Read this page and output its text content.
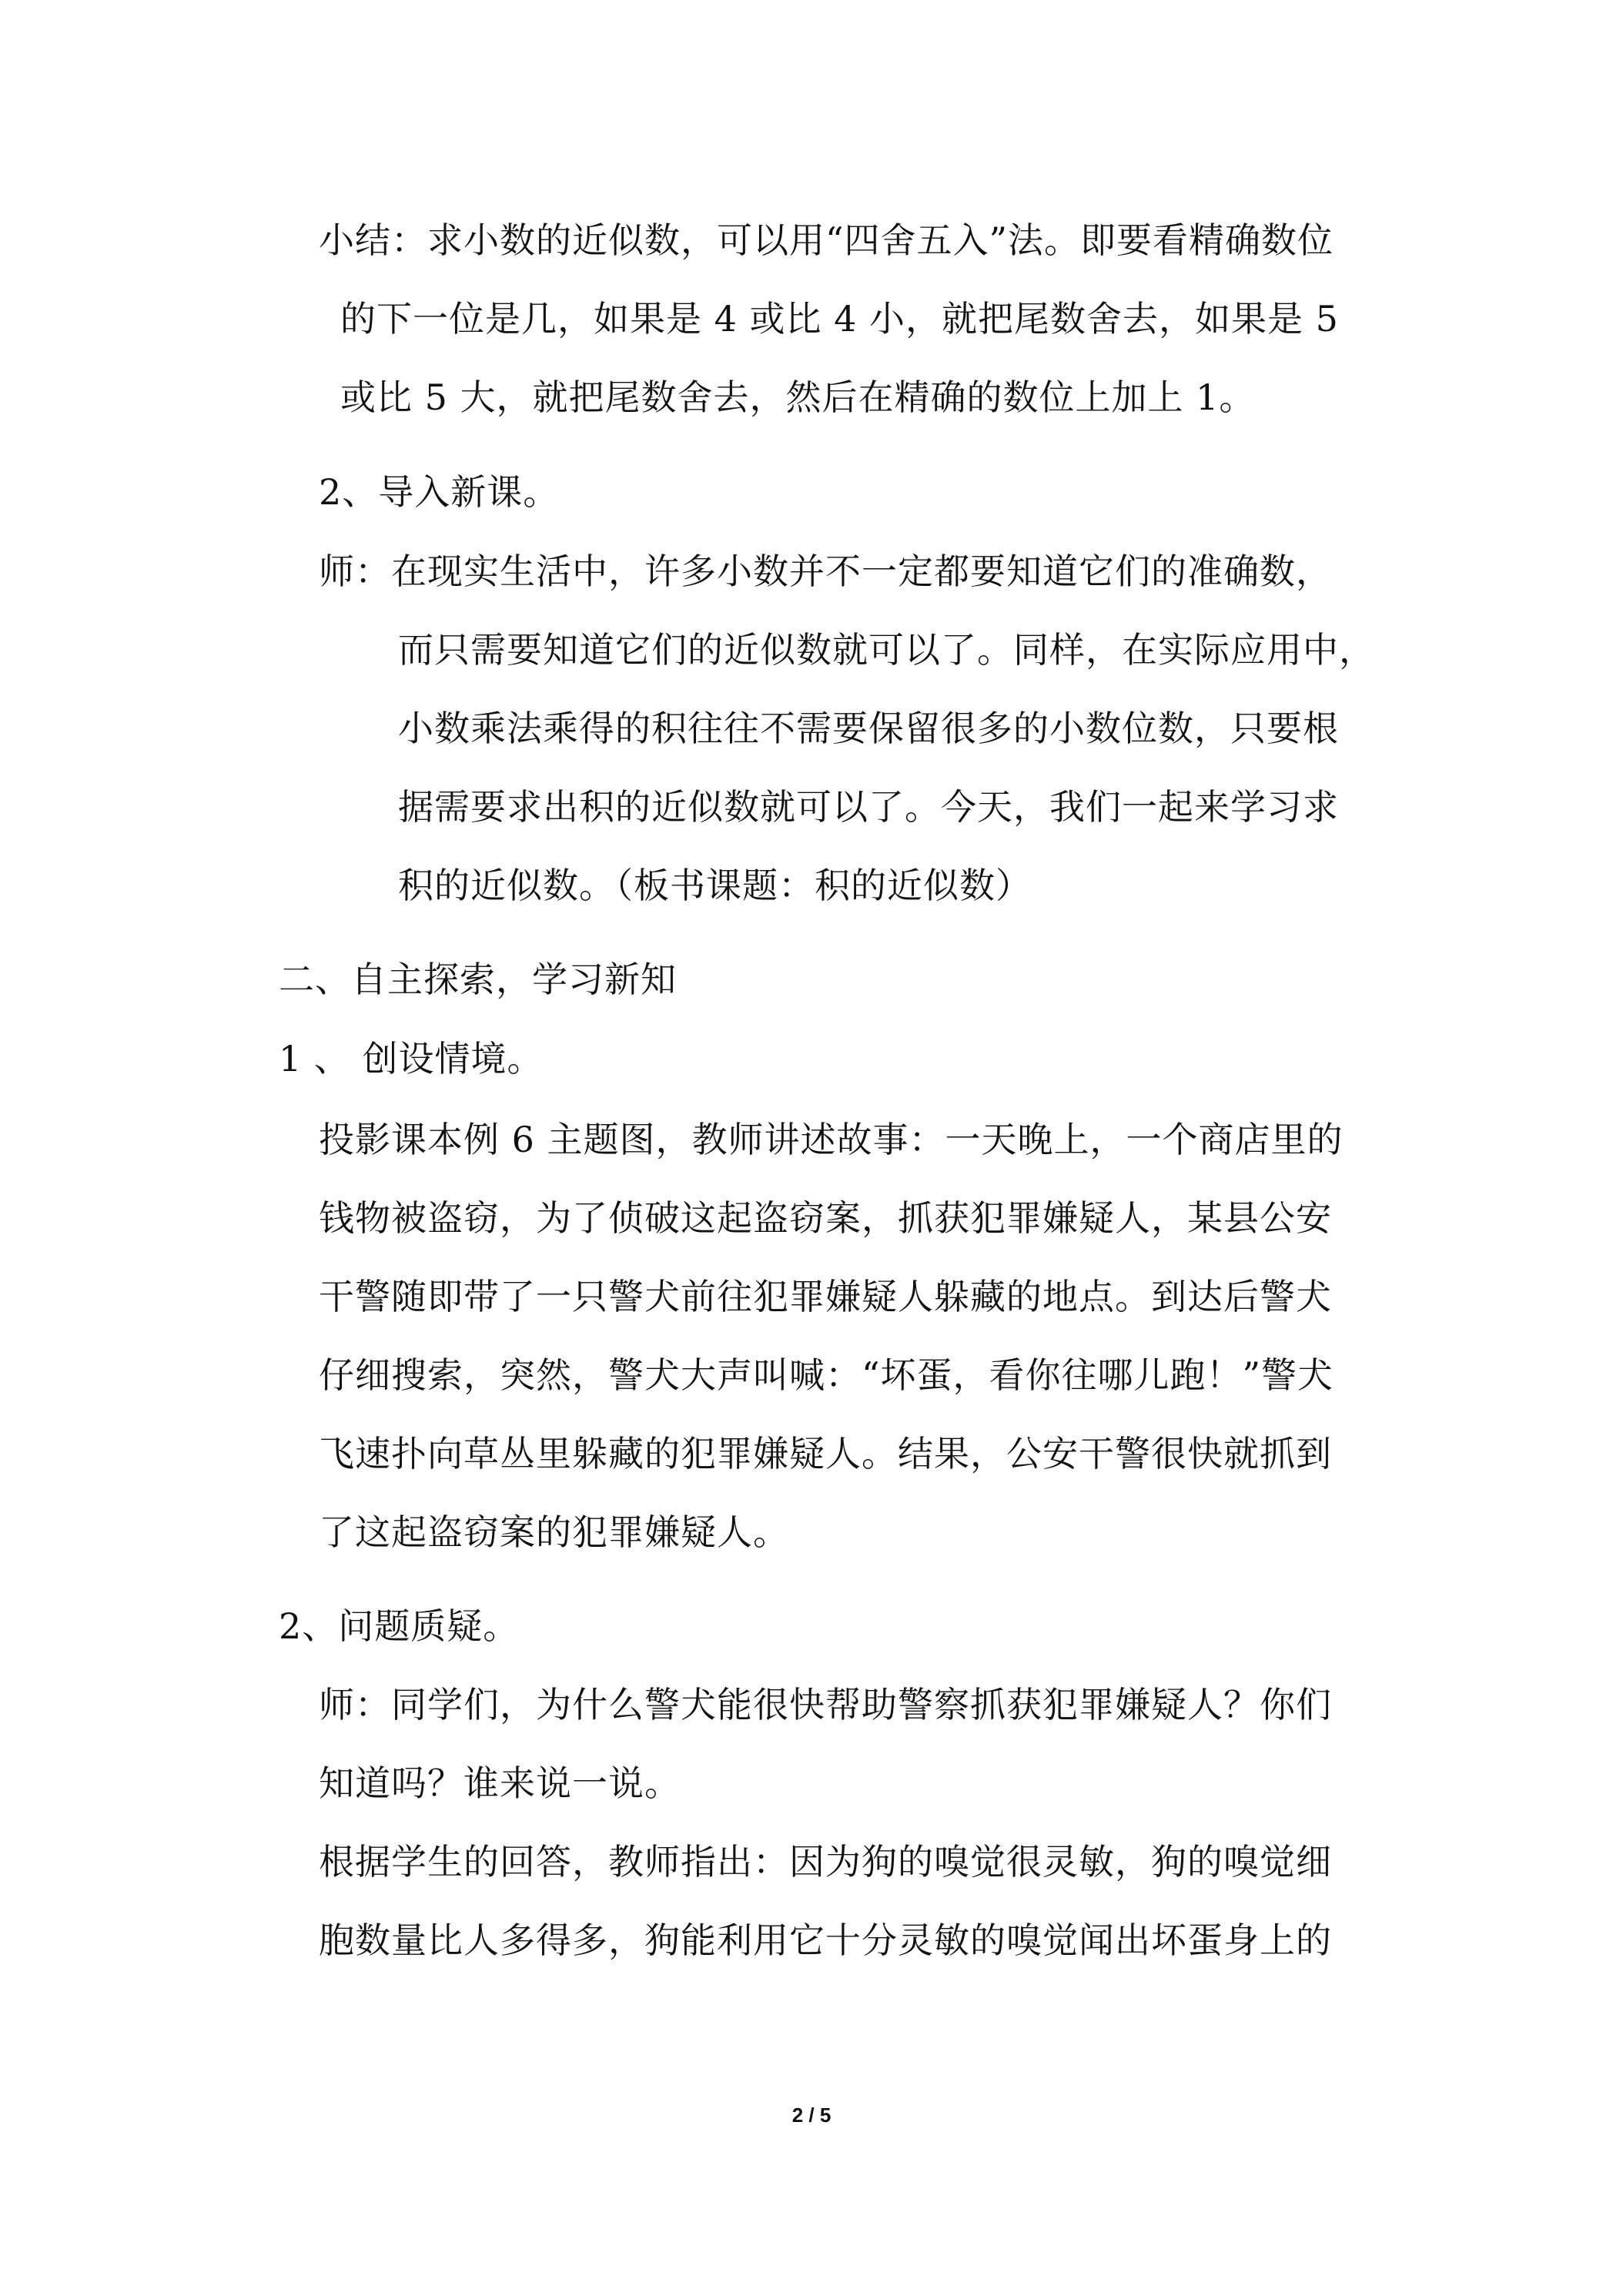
小结：求小数的近似数，可以用“四舍五入”法。即要看精确数位
的下一位是几，如果是 4 或比 4 小，就把尾数舍去，如果是 5
或比 5 大，就把尾数舍去，然后在精确的数位上加上 1。
2、导入新课。
师：在现实生活中，许多小数并不一定都要知道它们的准确数，
而只需要知道它们的近似数就可以了。同样，在实际应用中，
小数乘法乘得的积往往不需要保留很多的小数位数，只要根
据需要求出积的近似数就可以了。今天，我们一起来学习求
积的近似数。（板书课题：积的近似数）
二、自主探索，学习新知
1 、 创设情境。
投影课本例 6 主题图，教师讲述故事：一天晚上，一个商店里的
钱物被盗窃，为了侦破这起盗窃案，抓获犯罪嫌疑人，某县公安
干警随即带了一只警犬前往犯罪嫌疑人躲藏的地点。到达后警犬
仔细搜索，突然，警犬大声叫喊：“坏蛋，看你往哪儿跑！”警犬
飞速扑向草丛里躲藏的犯罪嫌疑人。结果，公安干警很快就抓到
了这起盗窃案的犯罪嫌疑人。
2、问题质疑。
师：同学们，为什么警犬能很快帮助警察抓获犯罪嫌疑人？你们
知道吗？谁来说一说。
根据学生的回答，教师指出：因为狗的嗅觉很灵敏，狗的嗅觉细
胞数量比人多得多，狗能利用它十分灵敏的嗅觉闻出坏蛋身上的
2 / 5
